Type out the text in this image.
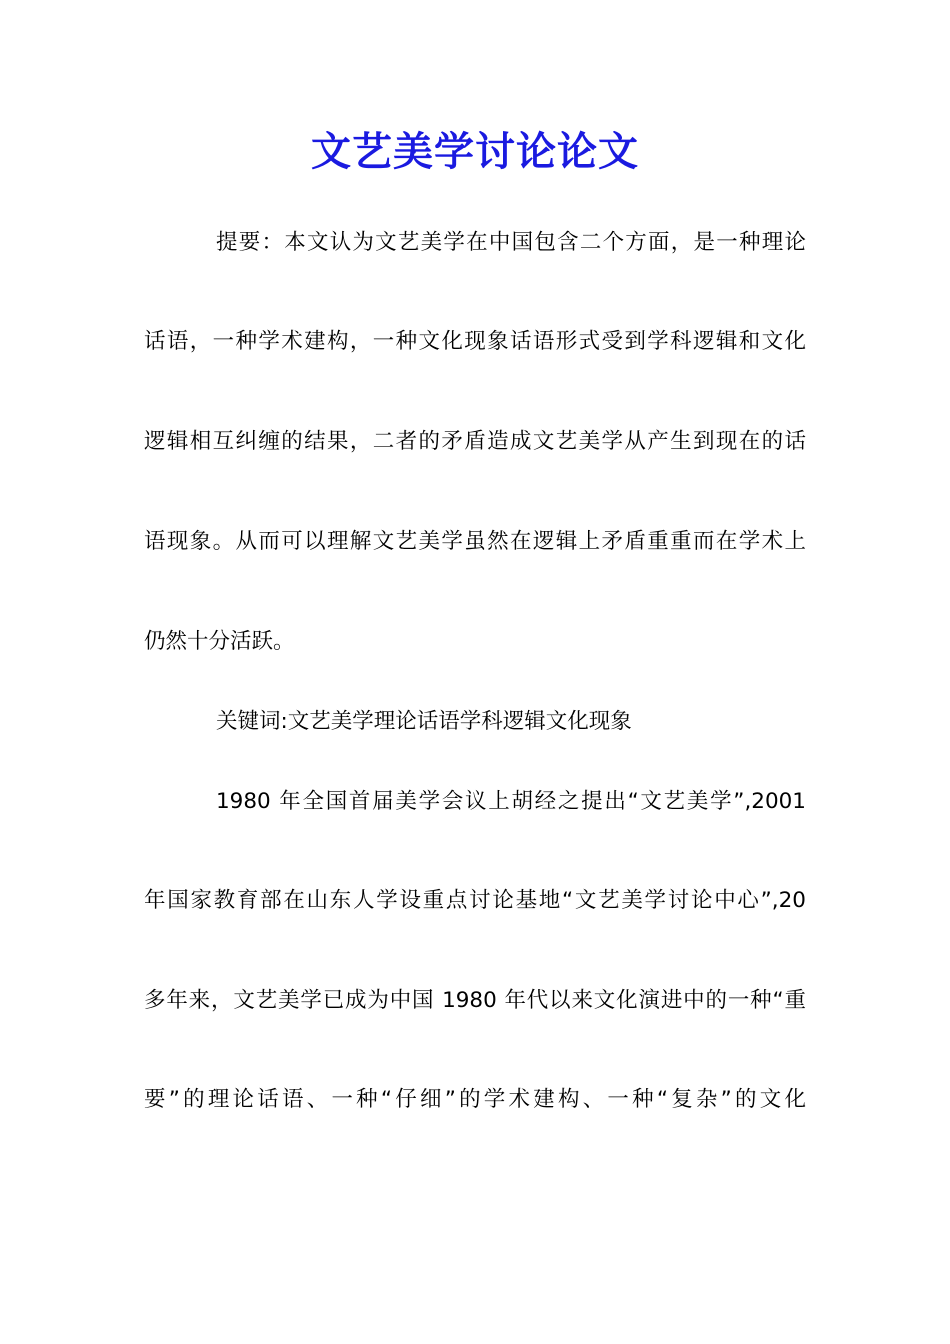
文艺美学讨论论文

提要：本文认为文艺美学在中国包含二个方面，是一种理论

话语，一种学术建构，一种文化现象话语形式受到学科逻辑和文化

逻辑相互纠缠的结果，二者的矛盾造成文艺美学从产生到现在的话

语现象。从而可以理解文艺美学虽然在逻辑上矛盾重重而在学术上

仍然十分活跃。

关键词:文艺美学理论话语学科逻辑文化现象

1980 年全国首届美学会议上胡经之提出“文艺美学”,2001

年国家教育部在山东人学设重点讨论基地“文艺美学讨论中心”,20

多年来，文艺美学已成为中国 1980 年代以来文化演进中的一种“重

要”的理论话语、一种“仔细”的学术建构、一种“复杂”的文化
